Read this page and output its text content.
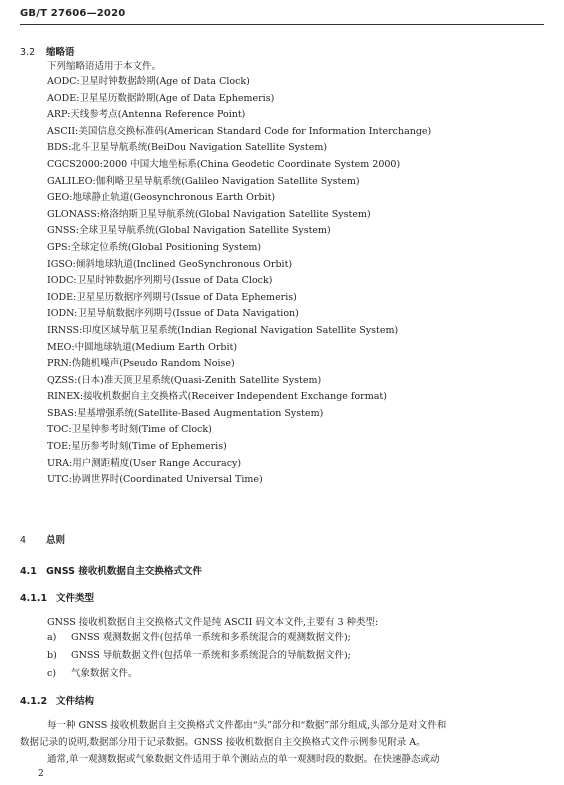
GB/T 27606—2020
3.2 缩略语
下列缩略语适用于本文件。
AODC:卫星时钟数据龄期(Age of Data Clock)
AODE:卫星星历数据龄期(Age of Data Ephemeris)
ARP:天线参考点(Antenna Reference Point)
ASCII:美国信息交换标准码(American Standard Code for Information Interchange)
BDS:北斗卫星导航系统(BeiDou Navigation Satellite System)
CGCS2000:2000 中国大地坐标系(China Geodetic Coordinate System 2000)
GALILEO:伽利略卫星导航系统(Galileo Navigation Satellite System)
GEO:地球静止轨道(Geosynchronous Earth Orbit)
GLONASS:格洛纳斯卫星导航系统(Global Navigation Satellite System)
GNSS:全球卫星导航系统(Global Navigation Satellite System)
GPS:全球定位系统(Global Positioning System)
IGSO:倾斜地球轨道(Inclined GeoSynchronous Orbit)
IODC:卫星时钟数据序列期号(Issue of Data Clock)
IODE:卫星星历数据序列期号(Issue of Data Ephemeris)
IODN:卫星导航数据序列期号(Issue of Data Navigation)
IRNSS:印度区域导航卫星系统(Indian Regional Navigation Satellite System)
MEO:中圆地球轨道(Medium Earth Orbit)
PRN:伪随机噪声(Pseudo Random Noise)
QZSS:(日本)准天顶卫星系统(Quasi-Zenith Satellite System)
RINEX:接收机数据自主交换格式(Receiver Independent Exchange format)
SBAS:星基增强系统(Satellite-Based Augmentation System)
TOC:卫星钟参考时刻(Time of Clock)
TOE:星历参考时刻(Time of Ephemeris)
URA:用户测距精度(User Range Accuracy)
UTC:协调世界时(Coordinated Universal Time)
4 总则
4.1 GNSS 接收机数据自主交换格式文件
4.1.1 文件类型
GNSS 接收机数据自主交换格式文件是纯 ASCII 码文本文件,主要有 3 种类型:
a) GNSS 观测数据文件(包括单一系统和多系统混合的观测数据文件);
b) GNSS 导航数据文件(包括单一系统和多系统混合的导航数据文件);
c) 气象数据文件。
4.1.2 文件结构
每一种 GNSS 接收机数据自主交换格式文件都由“头”部分和“数据”部分组成,头部分是对文件和
数据记录的说明,数据部分用于记录数据。GNSS 接收机数据自主交换格式文件示例参见附录 A。
通常,单一观测数据或气象数据文件适用于单个测站点的单一观测时段的数据。在快速静态或动
2
